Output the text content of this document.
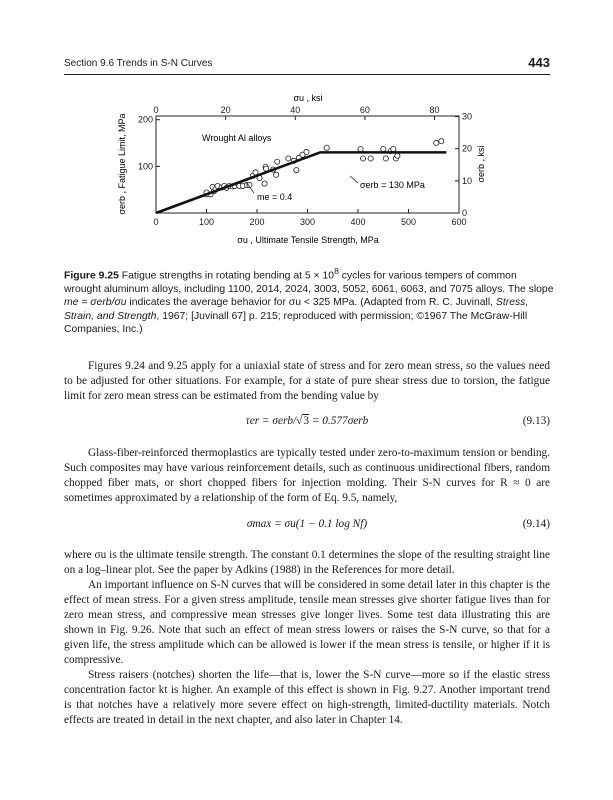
Section 9.6 Trends in S-N Curves	443
0	100	200	300	400	500	600
0	20	40	60	80
100
200
0
10
20
30
σu , ksi
σu , Ultimate Tensile Strength, MPa
σerb , Fatigue Limit, MPa	σerb , ksi
Wrought Al alloys
me = 0.4
σerb = 130 MPa
Figure 9.25 Fatigue strengths in rotating bending at $5 \times 10^8$ cycles for various tempers of common wrought aluminum alloys, including 1100, 2014, 2024, 3003, 5052, 6061, 6063, and 7075 alloys. The slope me = σerb/σu indicates the average behavior for σu < 325 MPa. (Adapted from R. C. Juvinall, Stress, Strain, and Strength, 1967; [Juvinall 67] p. 215; reproduced with permission; ©1967 The McGraw-Hill Companies, Inc.)

Figures 9.24 and 9.25 apply for a uniaxial state of stress and for zero mean stress, so the values need to be adjusted for other situations. For example, for a state of pure shear stress due to torsion, the fatigue limit for zero mean stress can be estimated from the bending value by

τer = σerb/√3 = 0.577σerb	(9.13)

Glass-fiber-reinforced thermoplastics are typically tested under zero-to-maximum tension or bending. Such composites may have various reinforcement details, such as continuous unidirectional fibers, random chopped fiber mats, or short chopped fibers for injection molding. Their S-N curves for R ≈ 0 are sometimes approximated by a relationship of the form of Eq. 9.5, namely,

σmax = σu(1 − 0.1 log Nf)	(9.14)

where σu is the ultimate tensile strength. The constant 0.1 determines the slope of the resulting straight line on a log–linear plot. See the paper by Adkins (1988) in the References for more detail.

An important influence on S-N curves that will be considered in some detail later in this chapter is the effect of mean stress. For a given stress amplitude, tensile mean stresses give shorter fatigue lives than for zero mean stress, and compressive mean stresses give longer lives. Some test data illustrating this are shown in Fig. 9.26. Note that such an effect of mean stress lowers or raises the S-N curve, so that for a given life, the stress amplitude which can be allowed is lower if the mean stress is tensile, or higher if it is compressive.

Stress raisers (notches) shorten the life—that is, lower the S-N curve—more so if the elastic stress concentration factor kt is higher. An example of this effect is shown in Fig. 9.27. Another important trend is that notches have a relatively more severe effect on high-strength, limited-ductility materials. Notch effects are treated in detail in the next chapter, and also later in Chapter 14.
